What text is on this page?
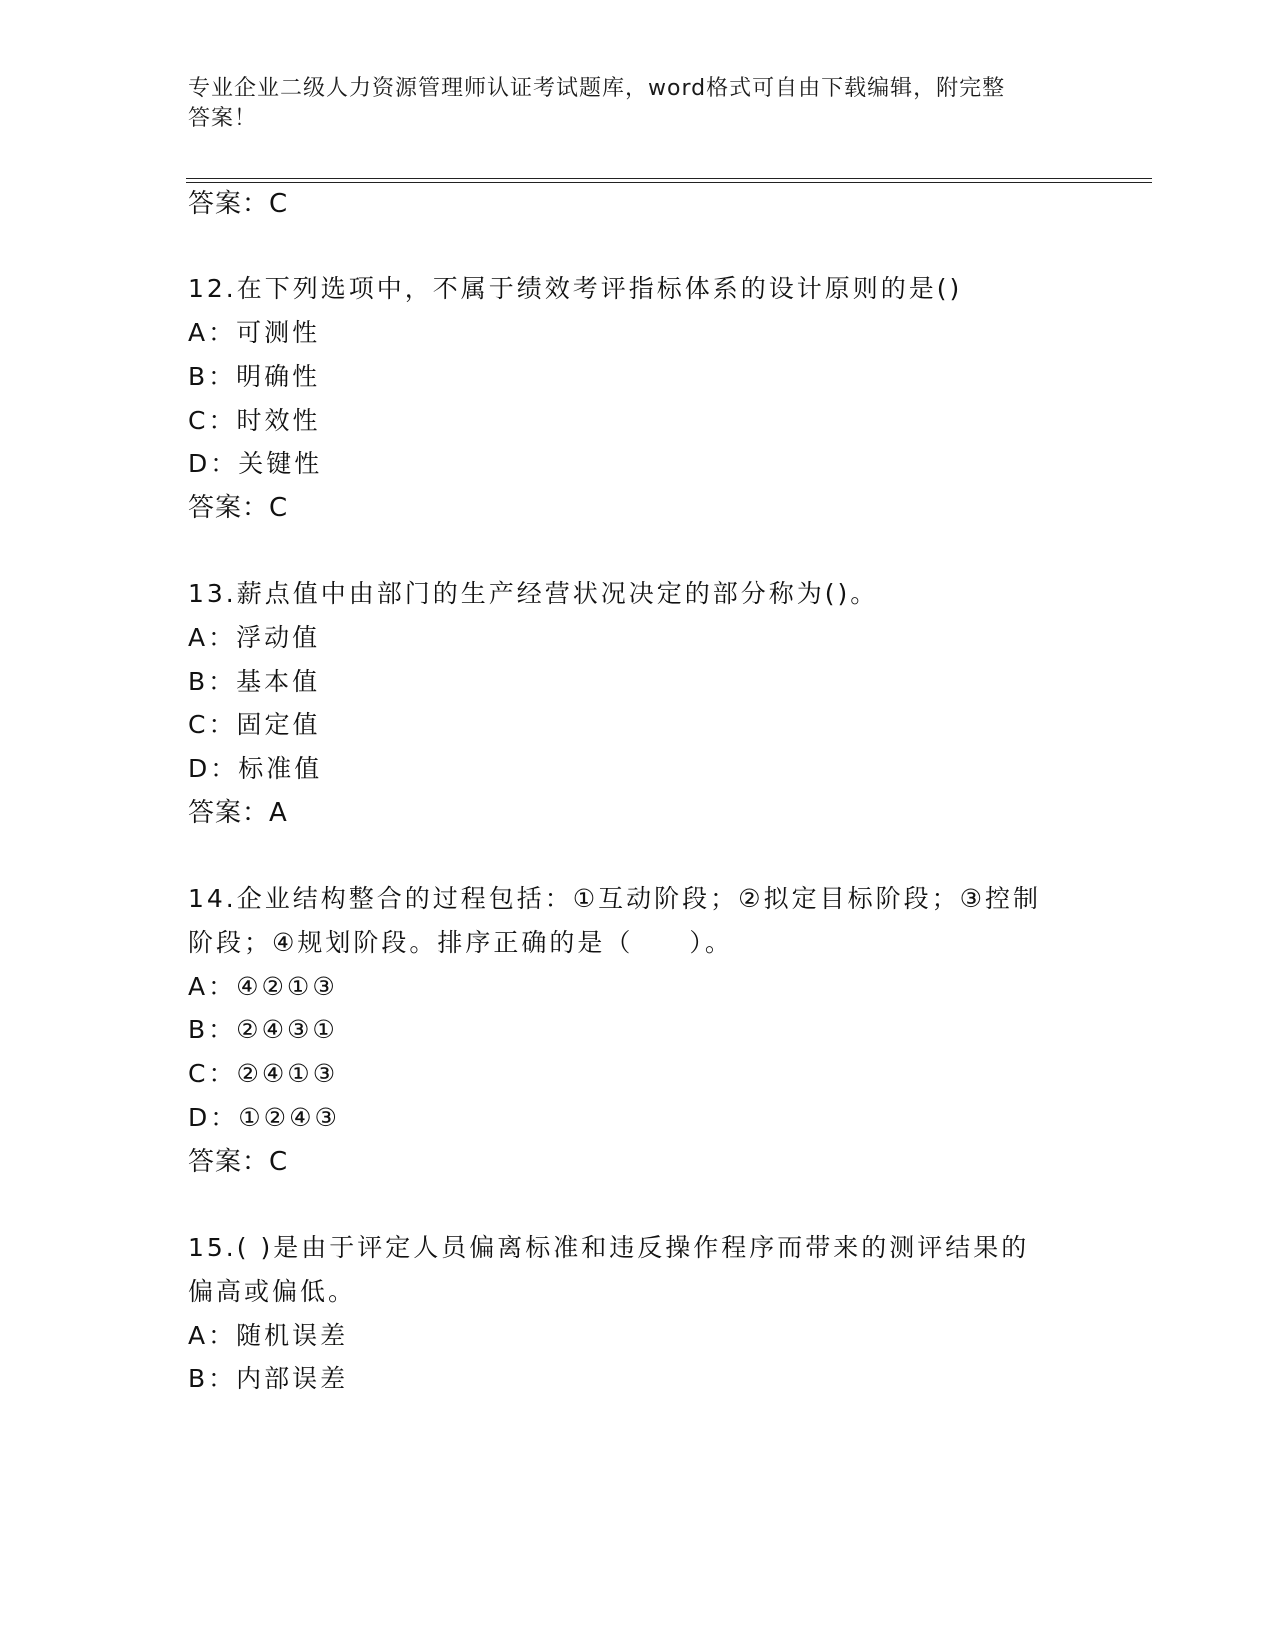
专业企业二级人力资源管理师认证考试题库，word格式可自由下载编辑，附完整
答案！
答案：C
12.在下列选项中，不属于绩效考评指标体系的设计原则的是()
A：可测性
B：明确性
C：时效性
D：关键性
答案：C
13.薪点值中由部门的生产经营状况决定的部分称为()。
A：浮动值
B：基本值
C：固定值
D：标准值
答案：A
14.企业结构整合的过程包括：①互动阶段；②拟定目标阶段；③控制
阶段；④规划阶段。排序正确的是（　　）。
A：④②①③
B：②④③①
C：②④①③
D：①②④③
答案：C
15.( )是由于评定人员偏离标准和违反操作程序而带来的测评结果的
偏高或偏低。
A：随机误差
B：内部误差
